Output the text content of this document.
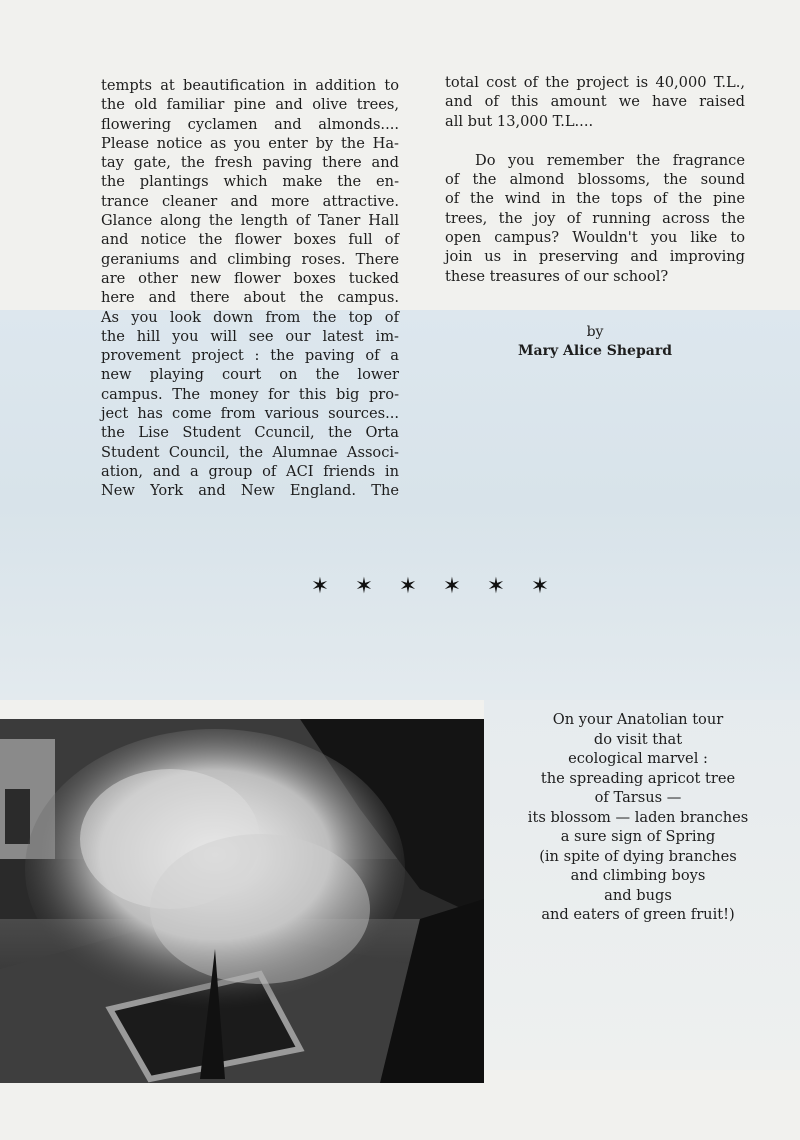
tempts at beautification in addition to
the old familiar pine and olive trees,
flowering cyclamen and almonds....
Please notice as you enter by the Ha-
tay gate, the fresh paving there and
the plantings which make the en-
trance cleaner and more attractive.
Glance along the length of Taner Hall
and notice the flower boxes full of
geraniums and climbing roses. There
are other new flower boxes tucked
here and there about the campus.
As you look down from the top of
the hill you will see our latest im-
provement project : the paving of a
new playing court on the lower
campus. The money for this big pro-
ject has come from various sources...
the Lise Student Ccuncil, the Orta
Student Council, the Alumnae Associ-
ation, and a group of ACI friends in
New York and New England. The
total cost of the project is 40,000 T.L.,
and of this amount we have raised
all but 13,000 T.L....
Do you remember the fragrance
of the almond blossoms, the sound
of the wind in the tops of the pine
trees, the joy of running across the
open campus? Wouldn't you like to
join us in preserving and improving
these treasures of our school?
by
Mary Alice Shepard
✶	✶	✶	✶	✶	✶
On your Anatolian tour
do visit that
ecological marvel :
the spreading apricot tree
of Tarsus —
its blossom — laden branches
a sure sign of Spring
(in spite of dying branches
and climbing boys
and bugs
and eaters of green fruit!)
